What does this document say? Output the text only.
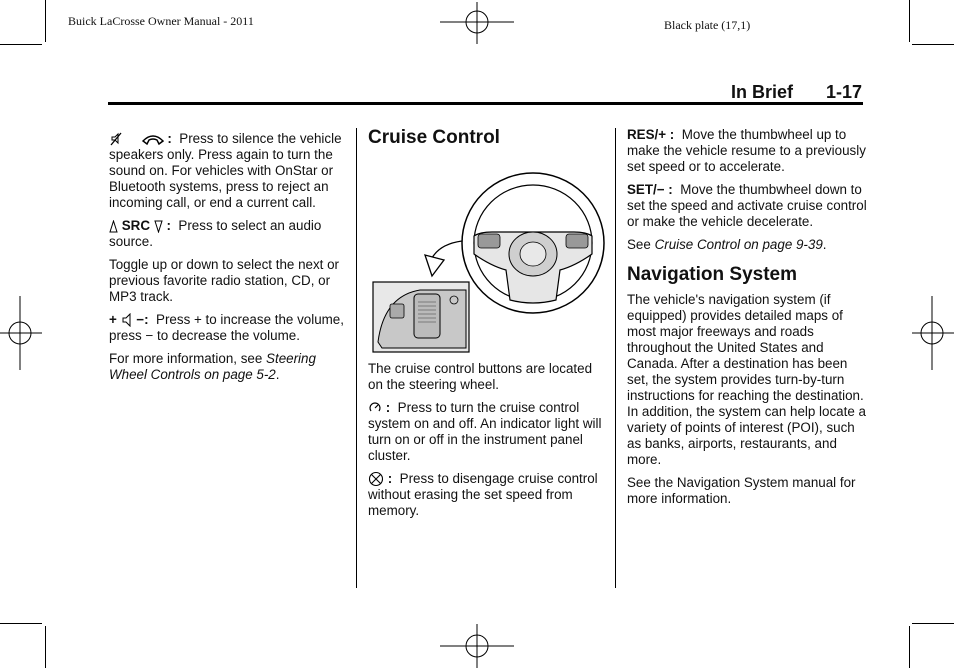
Buick LaCrosse Owner Manual - 2011	Black plate (17,1)
In Brief 1-17

: Press to silence the vehicle speakers only. Press again to turn the sound on. For vehicles with OnStar or Bluetooth systems, press to reject an incoming call, or end a current call.

SRC : Press to select an audio source.

Toggle up or down to select the next or previous favorite radio station, CD, or MP3 track.

+ −: Press + to increase the volume, press − to decrease the volume.

For more information, see Steering Wheel Controls on page 5-2.

Cruise Control

The cruise control buttons are located on the steering wheel.

: Press to turn the cruise control system on and off. An indicator light will turn on or off in the instrument panel cluster.

: Press to disengage cruise control without erasing the set speed from memory.

RES/+ : Move the thumbwheel up to make the vehicle resume to a previously set speed or to accelerate.

SET/− : Move the thumbwheel down to set the speed and activate cruise control or make the vehicle decelerate.

See Cruise Control on page 9-39.

Navigation System

The vehicle's navigation system (if equipped) provides detailed maps of most major freeways and roads throughout the United States and Canada. After a destination has been set, the system provides turn-by-turn instructions for reaching the destination. In addition, the system can help locate a variety of points of interest (POI), such as banks, airports, restaurants, and more.

See the Navigation System manual for more information.
